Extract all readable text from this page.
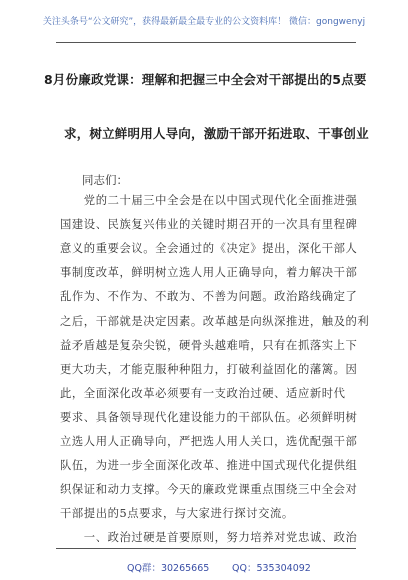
关注头条号“公文研究”，获得最新最全最专业的公文资料库！ 微信：gongwenyj
8月份廉政党课：理解和把握三中全会对干部提出的5点要
求，树立鲜明用人导向，激励干部开拓进取、干事创业
同志们：
　　党的二十届三中全会是在以中国式现代化全面推进强
国建设、民族复兴伟业的关键时期召开的一次具有里程碑
意义的重要会议。全会通过的《决定》提出，深化干部人
事制度改革，鲜明树立选人用人正确导向，着力解决干部
乱作为、不作为、不敢为、不善为问题。政治路线确定了
之后，干部就是决定因素。改革越是向纵深推进，触及的利
益矛盾越是复杂尖锐，硬骨头越难啃，只有在抓落实上下
更大功夫，才能克服种种阻力，打破利益固化的藩篱。因
此，全面深化改革必须要有一支政治过硬、适应新时代
要求、具备领导现代化建设能力的干部队伍。必须鲜明树
立选人用人正确导向，严把选人用人关口，选优配强干部
队伍，为进一步全面深化改革、推进中国式现代化提供组
织保证和动力支撑。今天的廉政党课重点围绕三中全会对
干部提出的5点要求，与大家进行探讨交流。
　　一、政治过硬是首要原则，努力培养对党忠诚、政治
QQ群：30265665 QQ：535304092
